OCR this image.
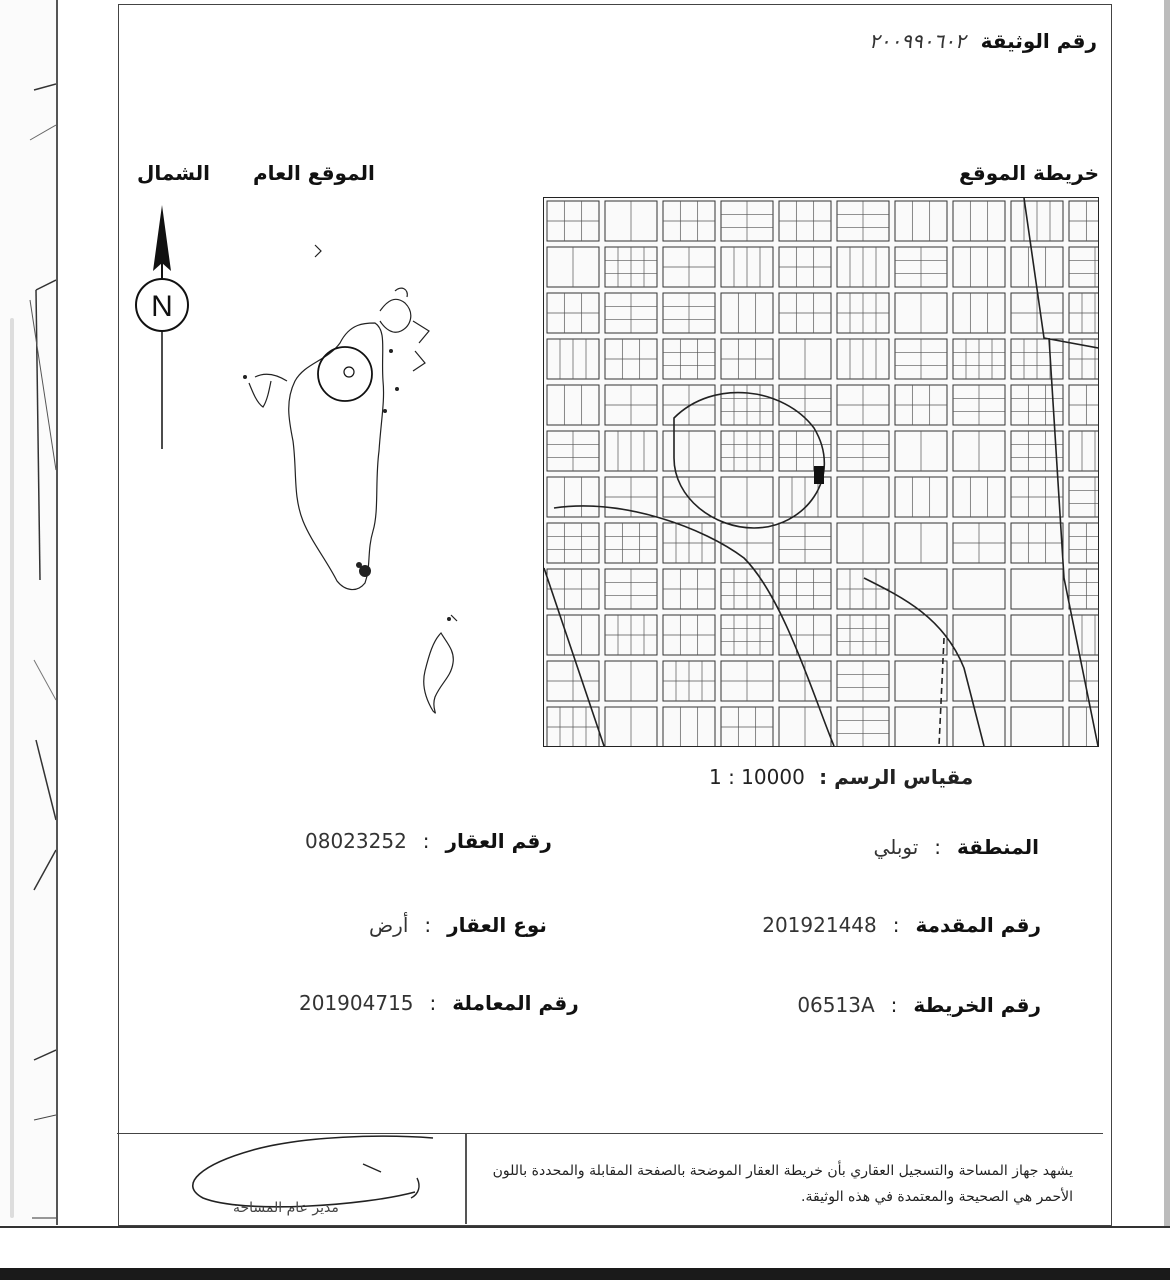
رقم الوثيقة ٢٠٠٩٩٠٦٠٢
خريطة الموقع
الموقع العام
الشمال
N
مقياس الرسم : 1 : 10000
المنطقة:توبلي
رقم العقار:08023252
رقم المقدمة:201921448
نوع العقار:أرض
رقم الخريطة:06513A
رقم المعاملة:201904715
يشهد جهاز المساحة والتسجيل العقاري بأن خريطة العقار الموضحة بالصفحة المقابلة والمحددة باللون الأحمر هي الصحيحة والمعتمدة في هذه الوثيقة.
مدير عام المساحة
